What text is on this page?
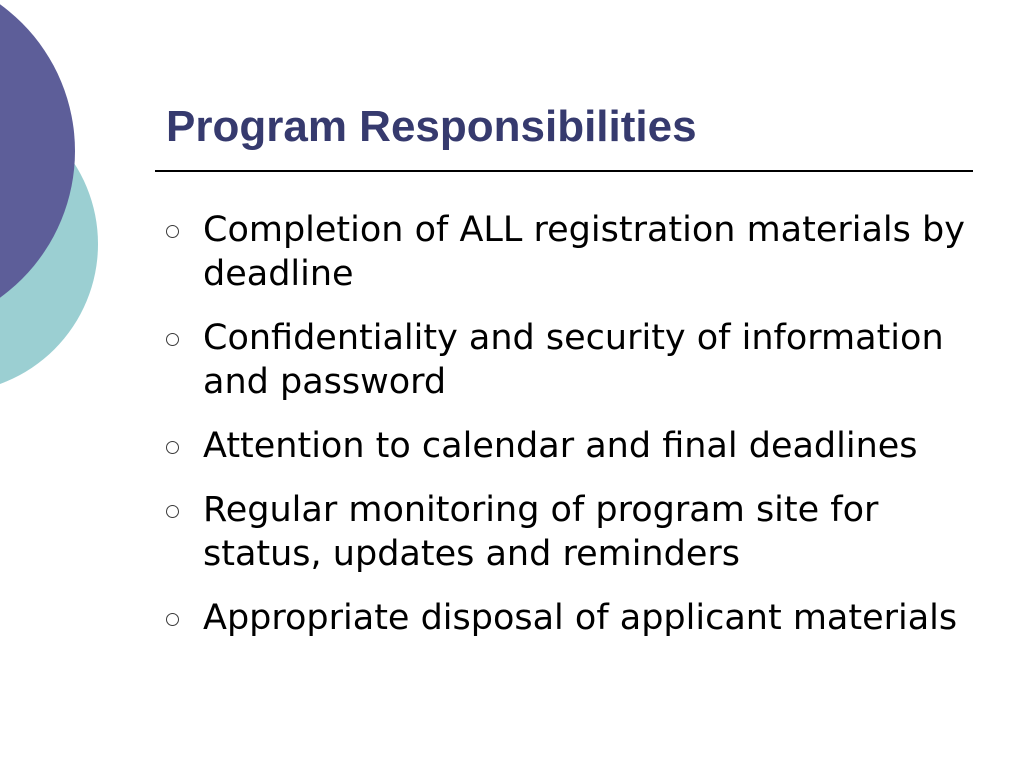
Program Responsibilities
Completion of ALL registration materials by deadline
Confidentiality and security of information and password
Attention to calendar and final deadlines
Regular monitoring of program site for status, updates and reminders
Appropriate disposal of applicant materials
